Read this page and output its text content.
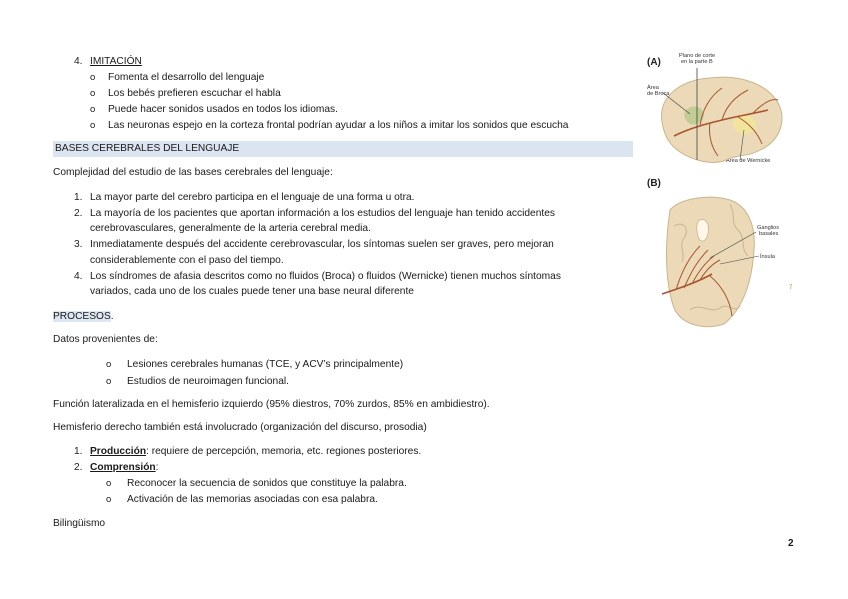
4. IMITACIÓN
o Fomenta el desarrollo del lenguaje
o Los bebés prefieren escuchar el habla
o Puede hacer sonidos usados en todos los idiomas.
o Las neuronas espejo en la corteza frontal podrían ayudar a los niños a imitar los sonidos que escucha
BASES CEREBRALES DEL LENGUAJE
Complejidad del estudio de las bases cerebrales del lenguaje:
1. La mayor parte del cerebro participa en el lenguaje de una forma u otra.
2. La mayoría de los pacientes que aportan información a los estudios del lenguaje han tenido accidentes
cerebrovasculares, generalmente de la arteria cerebral media.
3. Inmediatamente después del accidente cerebrovascular, los síntomas suelen ser graves, pero mejoran
considerablemente con el paso del tiempo.
4. Los síndromes de afasia descritos como no fluidos (Broca) o fluidos (Wernicke) tienen muchos síntomas
variados, cada uno de los cuales puede tener una base neural diferente
PROCESOS.
Datos provenientes de:
o Lesiones cerebrales humanas (TCE, y ACV’s principalmente)
o Estudios de neuroimagen funcional.
Función lateralizada en el hemisferio izquierdo (95% diestros, 70% zurdos, 85% en ambidiestro).
Hemisferio derecho también está involucrado (organización del discurso, prosodia)
1. Producción: requiere de percepción, memoria, etc. regiones posteriores.
2. Comprensión:
o Reconocer la secuencia de sonidos que constituye la palabra.
o Activación de las memorias asociadas con esa palabra.
Bilingüismo
(A)
Plano de corte
en la parte B
Área
de Broca
Área de Wernicke
(B)
Ganglios
basales
Ínsula
7
2
